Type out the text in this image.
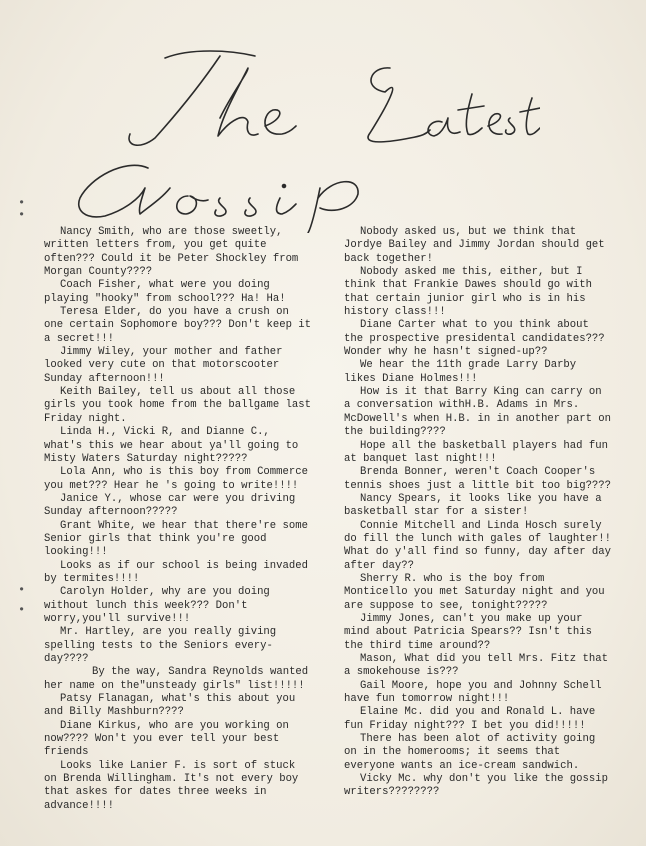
•
•
•
•

Nancy Smith, who are those sweetly, written letters from, you get quite often??? Could it be Peter Shockley from Morgan County????

Coach Fisher, what were you doing playing "hooky" from school??? Ha! Ha!

Teresa Elder, do you have a crush on one certain Sophomore boy??? Don't keep it a secret!!!

Jimmy Wiley, your mother and father looked very cute on that motorscooter Sunday afternoon!!!

Keith Bailey, tell us about all those girls you took home from the ballgame last Friday night.

Linda H., Vicki R, and Dianne C., what's this we hear about ya'll going to Misty Waters Saturday night?????

Lola Ann, who is this boy from Commerce you met??? Hear he 's going to write!!!!

Janice Y., whose car were you driving Sunday afternoon?????

Grant White, we hear that there're some Senior girls that think you're good looking!!!

Looks as if our school is being invaded by termites!!!!

Carolyn Holder, why are you doing without lunch this week??? Don't worry,you'll survive!!!

Mr. Hartley, are you really giving spelling tests to the Seniors every-day????

By the way, Sandra Reynolds wanted her name on the"unsteady girls" list!!!!!

Patsy Flanagan, what's this about you and Billy Mashburn????

Diane Kirkus, who are you working on now???? Won't you ever tell your best friends

Looks like Lanier F. is sort of stuck on Brenda Willingham. It's not every boy that askes for dates three weeks in advance!!!!

Nobody asked us, but we think that Jordye Bailey and Jimmy Jordan should get back together!

Nobody asked me this, either, but I think that Frankie Dawes should go with that certain junior girl who is in his history class!!!

Diane Carter what to you think about the prospective presidental candidates??? Wonder why he hasn't signed-up??

We hear the 11th grade Larry Darby likes Diane Holmes!!!

How is it that Barry King can carry on a conversation withH.B. Adams in Mrs. McDowell's when H.B. in in another part on the building????

Hope all the basketball players had fun at banquet last night!!!

Brenda Bonner, weren't Coach Cooper's tennis shoes just a little bit too big????

Nancy Spears, it looks like you have a basketball star for a sister!

Connie Mitchell and Linda Hosch surely do fill the lunch with gales of laughter!! What do y'all find so funny, day after day after day??

Sherry R. who is the boy from Monticello you met Saturday night and you are suppose to see, tonight?????

Jimmy Jones, can't you make up your mind about Patricia Spears?? Isn't this the third time around??

Mason, What did you tell Mrs. Fitz that a smokehouse is???

Gail Moore, hope you and Johnny Schell have fun tomorrow night!!!

Elaine Mc. did you and Ronald L. have fun Friday night??? I bet you did!!!!!

There has been alot of activity going on in the homerooms; it seems that everyone wants an ice-cream sandwich.

Vicky Mc. why don't you like the gossip writers????????
